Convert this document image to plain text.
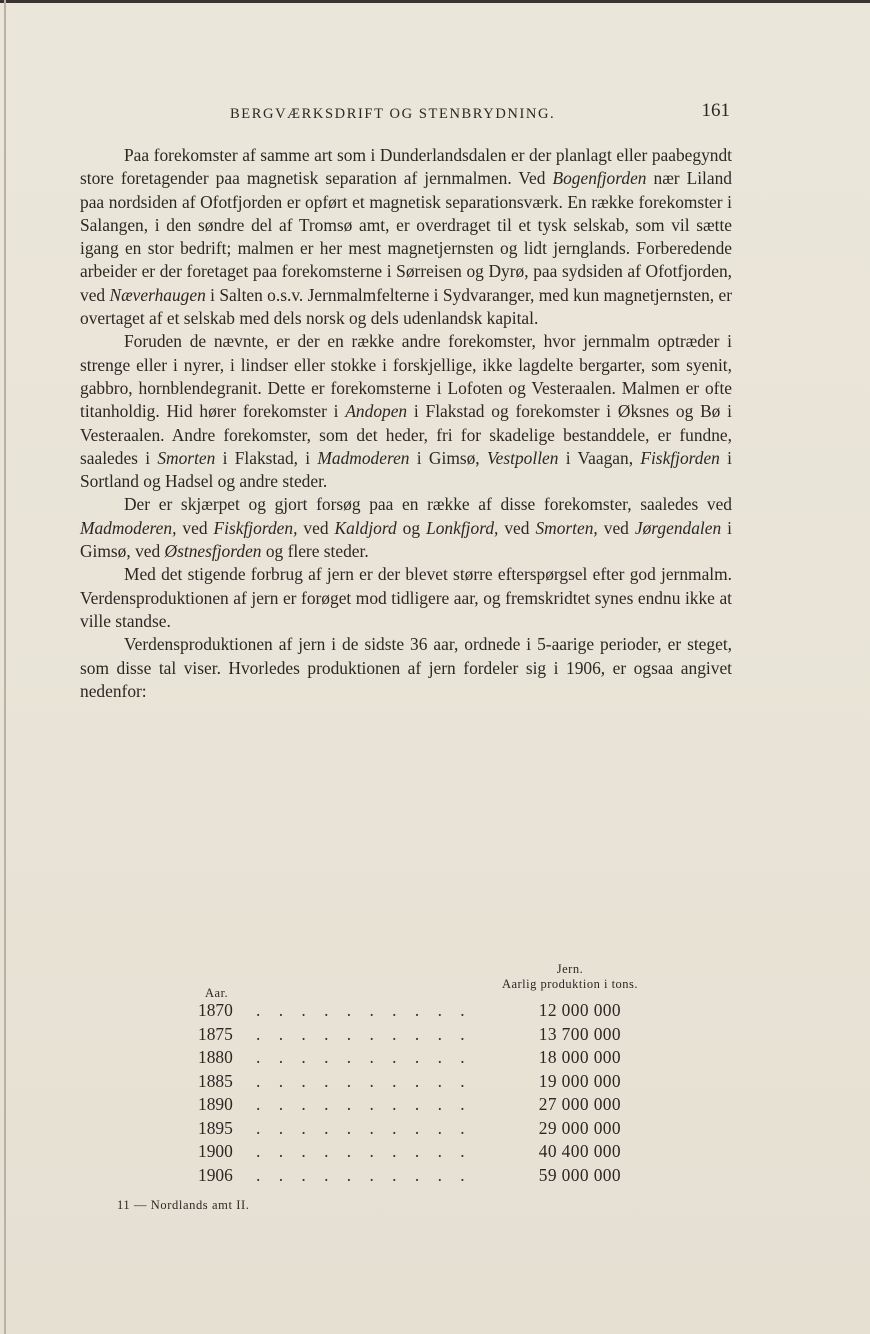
BERGVÆRKSDRIFT OG STENBRYDNING.	161

Paa forekomster af samme art som i Dunderlandsdalen er der planlagt eller paabegyndt store foretagender paa magnetisk separation af jernmalmen. Ved Bogenfjorden nær Liland paa nordsiden af Ofotfjorden er opført et magnetisk separationsværk. En række forekomster i Salangen, i den søndre del af Tromsø amt, er overdraget til et tysk selskab, som vil sætte igang en stor bedrift; malmen er her mest magnetjernsten og lidt jernglands. Forberedende arbeider er der foretaget paa forekomsterne i Sørreisen og Dyrø, paa sydsiden af Ofotfjorden, ved Næverhaugen i Salten o.s.v. Jernmalmfelterne i Sydvaranger, med kun magnetjernsten, er overtaget af et selskab med dels norsk og dels udenlandsk kapital.

Foruden de nævnte, er der en række andre forekomster, hvor jernmalm optræder i strenge eller i nyrer, i lindser eller stokke i forskjellige, ikke lagdelte bergarter, som syenit, gabbro, hornblendegranit. Dette er forekomsterne i Lofoten og Vesteraalen. Malmen er ofte titanholdig. Hid hører forekomster i Andopen i Flakstad og forekomster i Øksnes og Bø i Vesteraalen. Andre forekomster, som det heder, fri for skadelige bestanddele, er fundne, saaledes i Smorten i Flakstad, i Madmoderen i Gimsø, Vestpollen i Vaagan, Fiskfjorden i Sortland og Hadsel og andre steder.

Der er skjærpet og gjort forsøg paa en række af disse forekomster, saaledes ved Madmoderen, ved Fiskfjorden, ved Kaldjord og Lonkfjord, ved Smorten, ved Jørgendalen i Gimsø, ved Østnesfjorden og flere steder.

Med det stigende forbrug af jern er der blevet større efterspørgsel efter god jernmalm. Verdensproduktionen af jern er forøget mod tidligere aar, og fremskridtet synes endnu ikke at ville standse.

Verdensproduktionen af jern i de sidste 36 aar, ordnede i 5-aarige perioder, er steget, som disse tal viser. Hvorledes produktionen af jern fordeler sig i 1906, er ogsaa angivet nedenfor:

Aar.
Jern.
Aarlig produktion i tons.
1870 . . . . . . . . . .	12 000 000
1875 . . . . . . . . . .	13 700 000
1880 . . . . . . . . . .	18 000 000
1885 . . . . . . . . . .	19 000 000
1890 . . . . . . . . . .	27 000 000
1895 . . . . . . . . . .	29 000 000
1900 . . . . . . . . . .	40 400 000
1906 . . . . . . . . . .	59 000 000
11 — Nordlands amt II.
